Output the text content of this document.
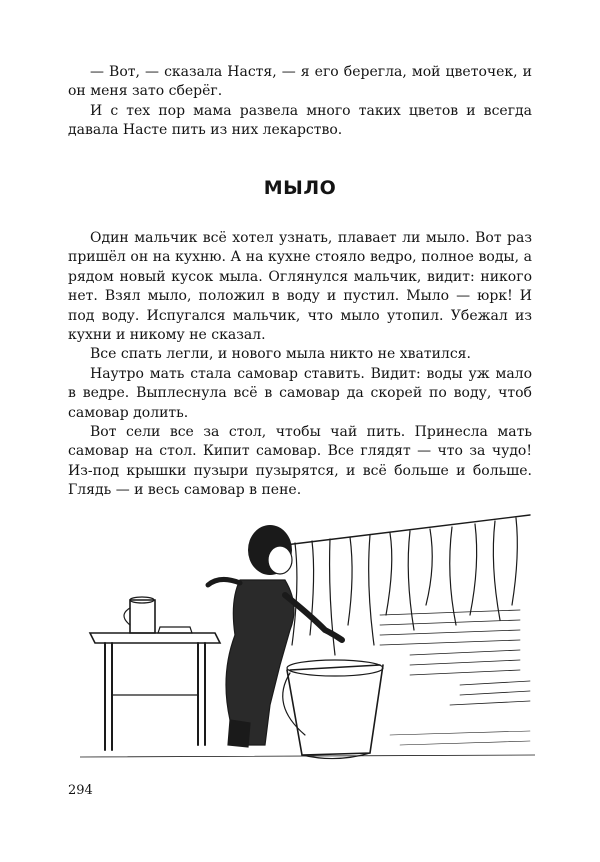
— Вот, — сказала Настя, — я его берегла, мой цветочек, и он меня зато сберёг.

И с тех пор мама развела много таких цветов и всегда давала Насте пить из них лекарство.

МЫЛО

Один мальчик всё хотел узнать, плавает ли мыло. Вот раз пришёл он на кухню. А на кухне стояло ведро, полное воды, а рядом новый кусок мыла. Оглянулся мальчик, видит: никого нет. Взял мыло, положил в воду и пустил. Мыло — юрк! И под воду. Испугался мальчик, что мыло утопил. Убежал из кухни и никому не сказал.

Все спать легли, и нового мыла никто не хватился.

Наутро мать стала самовар ставить. Видит: воды уж мало в ведре. Выплеснула всё в самовар да скорей по воду, чтоб самовар долить.

Вот сели все за стол, чтобы чай пить. Принесла мать самовар на стол. Кипит самовар. Все глядят — что за чудо! Из-под крышки пузыри пузырятся, и всё больше и больше. Глядь — и весь самовар в пене.

294
